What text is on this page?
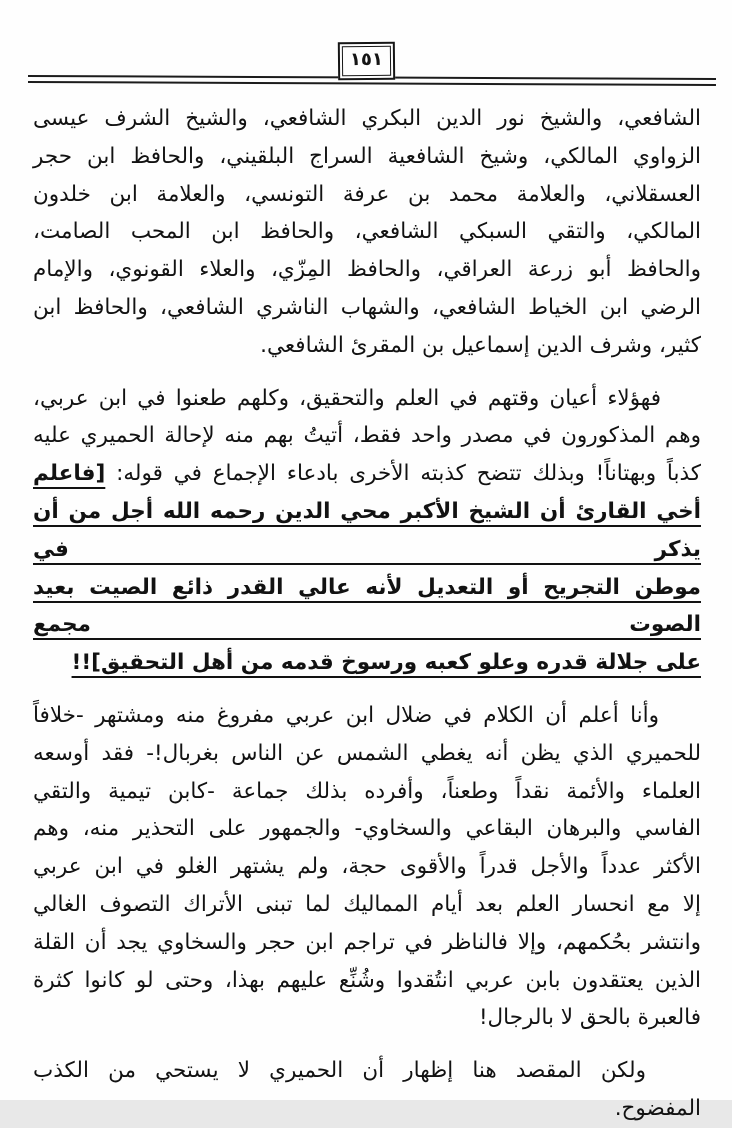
١٥١
الشافعي، والشيخ نور الدين البكري الشافعي، والشيخ الشرف عيسى
الزواوي المالكي، وشيخ الشافعية السراج البلقيني، والحافظ ابن حجر
العسقلاني، والعلامة محمد بن عرفة التونسي، والعلامة ابن خلدون
المالكي، والتقي السبكي الشافعي، والحافظ ابن المحب الصامت،
والحافظ أبو زرعة العراقي، والحافظ المِزّي، والعلاء القونوي، والإمام
الرضي ابن الخياط الشافعي، والشهاب الناشري الشافعي، والحافظ ابن
كثير، وشرف الدين إسماعيل بن المقرئ الشافعي.
فهؤلاء أعيان وقتهم في العلم والتحقيق، وكلهم طعنوا في ابن عربي،
وهم المذكورون في مصدر واحد فقط، أتيتُ بهم منه لإحالة الحميري عليه
كذباً وبهتاناً! وبذلك تتضح كذبته الأخرى بادعاء الإجماع في قوله: [فاعلم
أخي القارئ أن الشيخ الأكبر محي الدين رحمه الله أجل من أن يذكر في
موطن التجريح أو التعديل لأنه عالي القدر ذائع الصيت بعيد الصوت مجمع
على جلالة قدره وعلو كعبه ورسوخ قدمه من أهل التحقيق]!!
وأنا أعلم أن الكلام في ضلال ابن عربي مفروغ منه ومشتهر -خلافاً
للحميري الذي يظن أنه يغطي الشمس عن الناس بغربال!- فقد أوسعه
العلماء والأئمة نقداً وطعناً، وأفرده بذلك جماعة -كابن تيمية والتقي
الفاسي والبرهان البقاعي والسخاوي- والجمهور على التحذير منه، وهم
الأكثر عدداً والأجل قدراً والأقوى حجة، ولم يشتهر الغلو في ابن عربي
إلا مع انحسار العلم بعد أيام المماليك لما تبنى الأتراك التصوف الغالي
وانتشر بحُكمهم، وإلا فالناظر في تراجم ابن حجر والسخاوي يجد أن القلة
الذين يعتقدون بابن عربي انتُقدوا وشُنِّع عليهم بهذا، وحتى لو كانوا كثرة
فالعبرة بالحق لا بالرجال!
ولكن المقصد هنا إظهار أن الحميري لا يستحي من الكذب
المفضوح.
